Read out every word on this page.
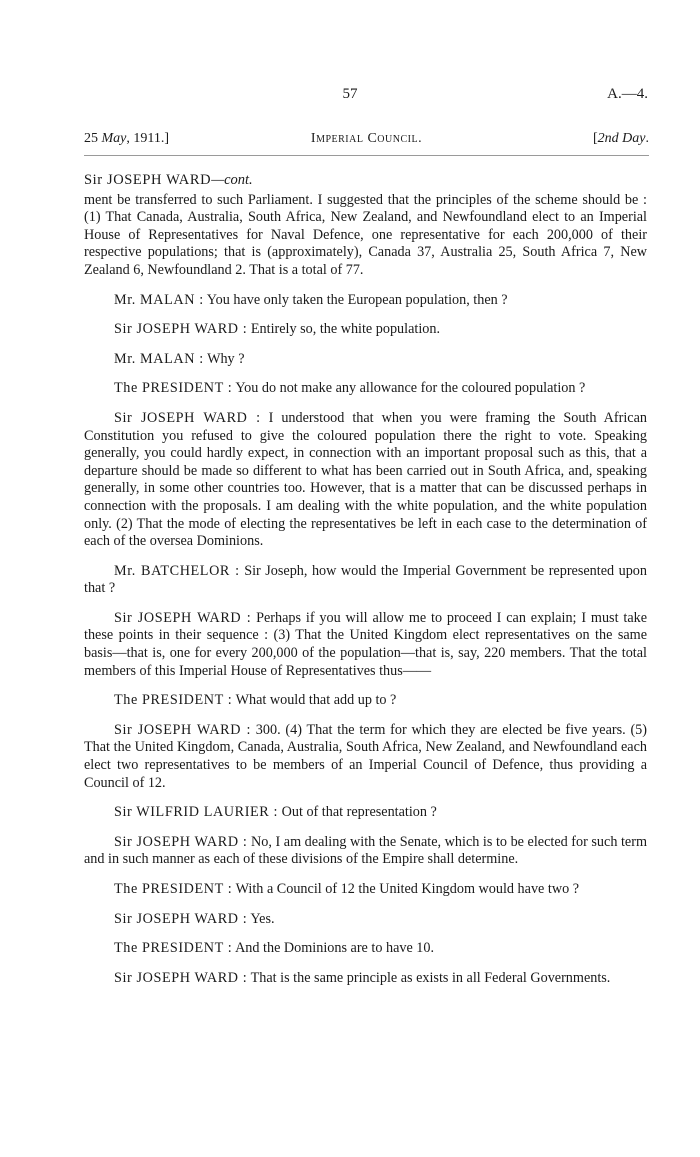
57	A.—4.
25 May, 1911.]	Imperial Council.	[2nd Day.
Sir JOSEPH WARD—cont.

ment be transferred to such Parliament. I suggested that the principles of the scheme should be : (1) That Canada, Australia, South Africa, New Zealand, and Newfoundland elect to an Imperial House of Representatives for Naval Defence, one representative for each 200,000 of their respective populations; that is (approximately), Canada 37, Australia 25, South Africa 7, New Zealand 6, Newfoundland 2. That is a total of 77.

Mr. MALAN : You have only taken the European population, then ?

Sir JOSEPH WARD : Entirely so, the white population.

Mr. MALAN : Why ?

The PRESIDENT : You do not make any allowance for the coloured population ?

Sir JOSEPH WARD : I understood that when you were framing the South African Constitution you refused to give the coloured population there the right to vote. Speaking generally, you could hardly expect, in connection with an important proposal such as this, that a departure should be made so different to what has been carried out in South Africa, and, speaking generally, in some other countries too. However, that is a matter that can be discussed perhaps in connection with the proposals. I am dealing with the white population, and the white population only. (2) That the mode of electing the representatives be left in each case to the determination of each of the oversea Dominions.

Mr. BATCHELOR : Sir Joseph, how would the Imperial Government be represented upon that ?

Sir JOSEPH WARD : Perhaps if you will allow me to proceed I can explain; I must take these points in their sequence : (3) That the United Kingdom elect representatives on the same basis—that is, one for every 200,000 of the population—that is, say, 220 members. That the total members of this Imperial House of Representatives thus——

The PRESIDENT : What would that add up to ?

Sir JOSEPH WARD : 300. (4) That the term for which they are elected be five years. (5) That the United Kingdom, Canada, Australia, South Africa, New Zealand, and Newfoundland each elect two representatives to be members of an Imperial Council of Defence, thus providing a Council of 12.

Sir WILFRID LAURIER : Out of that representation ?

Sir JOSEPH WARD : No, I am dealing with the Senate, which is to be elected for such term and in such manner as each of these divisions of the Empire shall determine.

The PRESIDENT : With a Council of 12 the United Kingdom would have two ?

Sir JOSEPH WARD : Yes.

The PRESIDENT : And the Dominions are to have 10.

Sir JOSEPH WARD : That is the same principle as exists in all Federal Governments.
